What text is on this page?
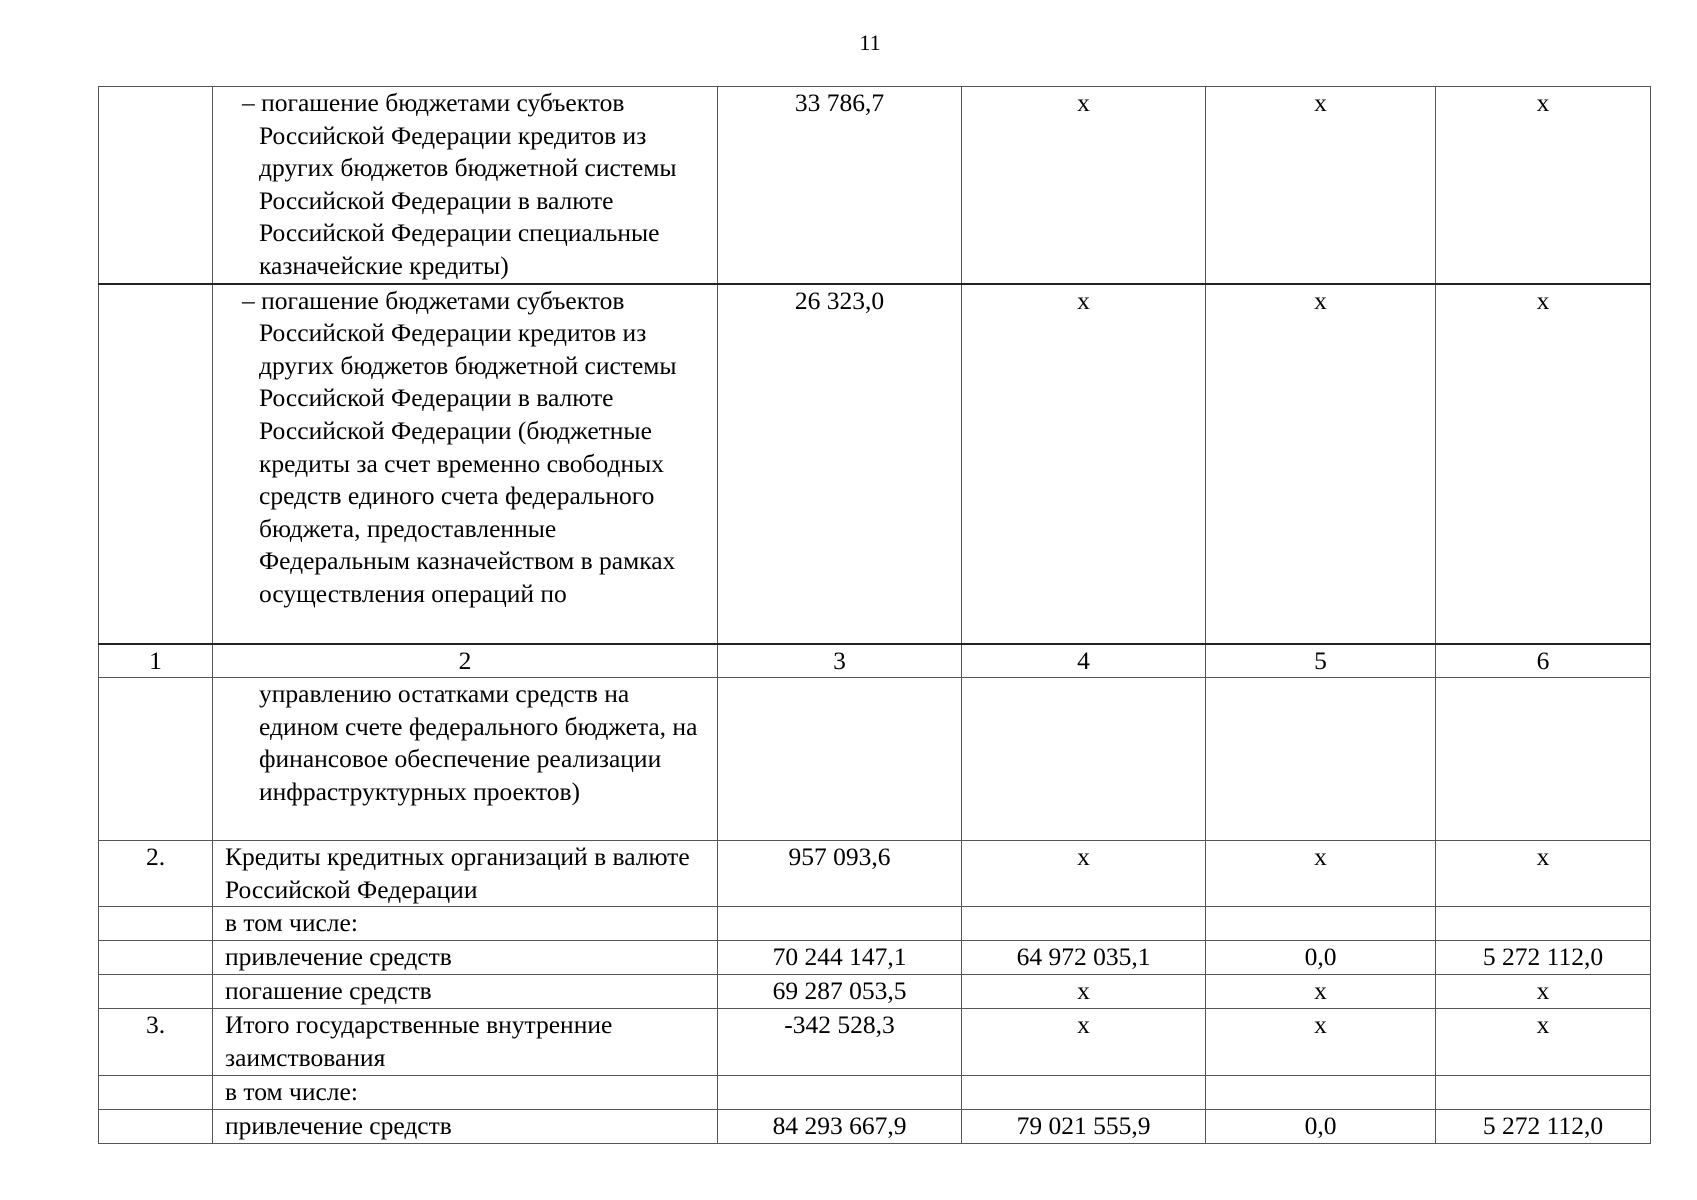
11

	– погашение бюджетами субъектов Российской Федерации кредитов из других бюджетов бюджетной системы Российской Федерации в валюте Российской Федерации специальные казначейские кредиты)	33 786,7	х	х	х

	– погашение бюджетами субъектов Российской Федерации кредитов из других бюджетов бюджетной системы Российской Федерации в валюте Российской Федерации (бюджетные кредиты за счет временно свободных средств единого счета федерального бюджета, предоставленные Федеральным казначейством в рамках осуществления операций по	26 323,0	х	х	х
1	2	3	4	5	6
	управлению остатками средств на едином счете федерального бюджета, на финансовое обеспечение реализации инфраструктурных проектов)				
2.	Кредиты кредитных организаций в валюте Российской Федерации	957 093,6	х	х	х
	в том числе:				
	привлечение средств	70 244 147,1	64 972 035,1	0,0	5 272 112,0
	погашение средств	69 287 053,5	х	х	х
3.	Итого государственные внутренние заимствования	-342 528,3	х	х	х
	в том числе:				
	привлечение средств	84 293 667,9	79 021 555,9	0,0	5 272 112,0
